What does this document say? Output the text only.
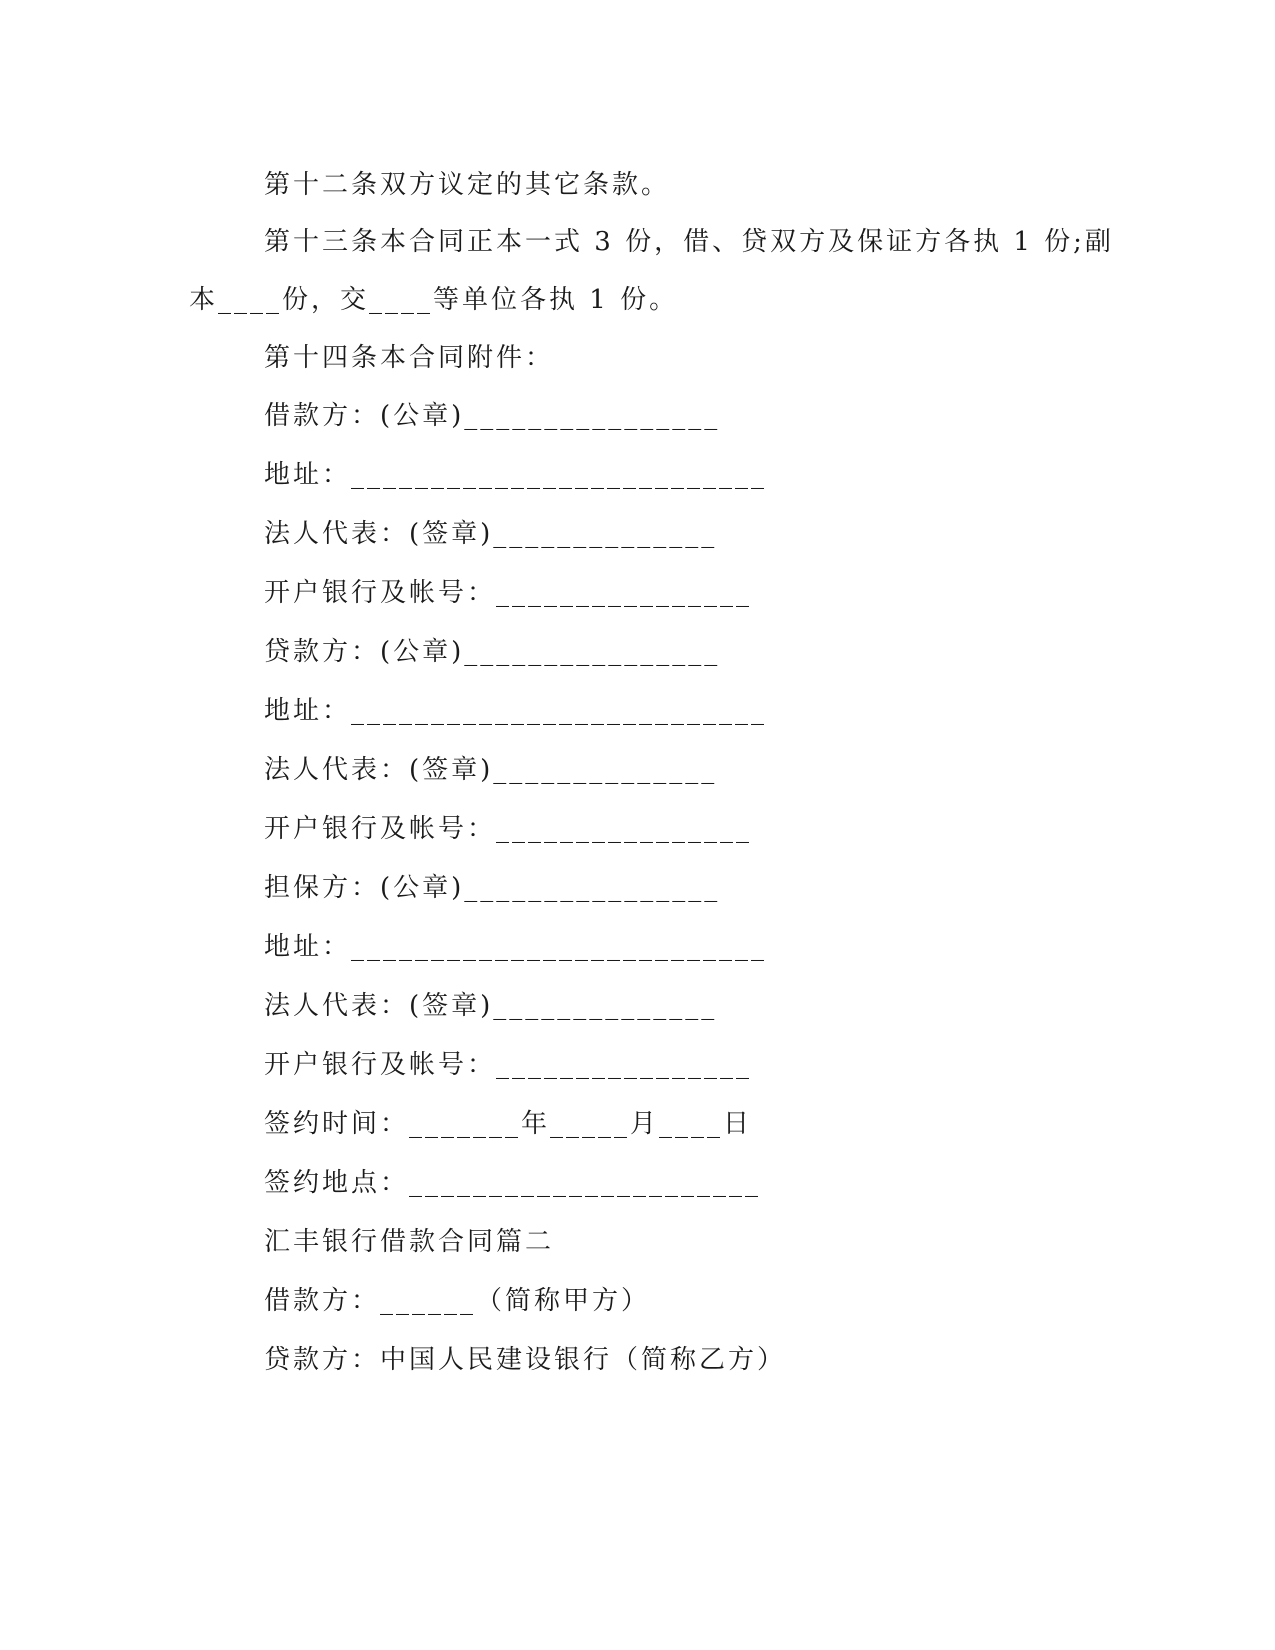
第十二条双方议定的其它条款。
第十三条本合同正本一式 3 份，借、贷双方及保证方各执 1 份;副
本____份，交____等单位各执 1 份。
第十四条本合同附件：
借款方：(公章)________________
地址：__________________________
法人代表：(签章)______________
开户银行及帐号：________________
贷款方：(公章)________________
地址：__________________________
法人代表：(签章)______________
开户银行及帐号：________________
担保方：(公章)________________
地址：__________________________
法人代表：(签章)______________
开户银行及帐号：________________
签约时间：_______年_____月____日
签约地点：______________________
汇丰银行借款合同篇二
借款方：______（简称甲方）
贷款方：中国人民建设银行（简称乙方）
